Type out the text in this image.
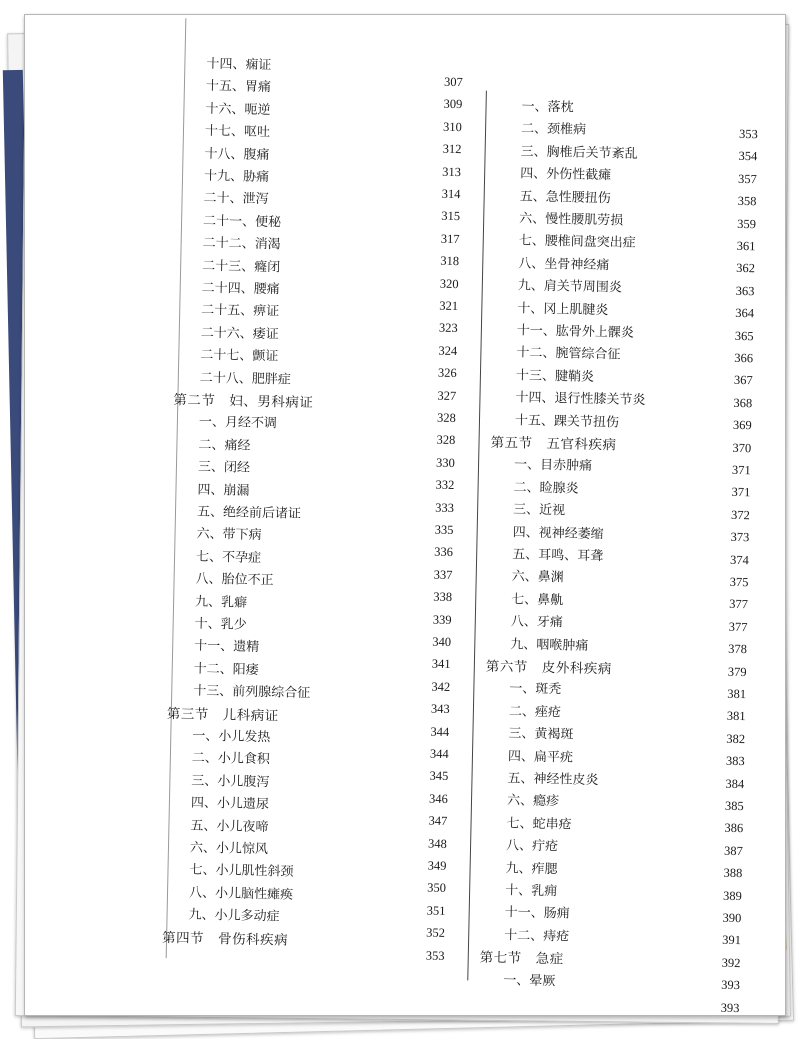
十四、痫证
307
十五、胃痛
309
十六、呃逆
310
十七、呕吐
312
十八、腹痛
313
十九、胁痛
314
二十、泄泻
315
二十一、便秘
317
二十二、消渴
318
二十三、癃闭
320
二十四、腰痛
321
二十五、痹证
323
二十六、痿证
324
二十七、颤证
326
二十八、肥胖症
327
第二节　妇、男科病证
328
一、月经不调
328
二、痛经
330
三、闭经
332
四、崩漏
333
五、绝经前后诸证
335
六、带下病
336
七、不孕症
337
八、胎位不正
338
九、乳癖
339
十、乳少
340
十一、遗精
341
十二、阳痿
342
十三、前列腺综合征
343
第三节　儿科病证
344
一、小儿发热
344
二、小儿食积
345
三、小儿腹泻
346
四、小儿遗尿
347
五、小儿夜啼
348
六、小儿惊风
349
七、小儿肌性斜颈
350
八、小儿脑性瘫痪
351
九、小儿多动症
352
第四节　骨伤科疾病
353
一、落枕
353
二、颈椎病
354
三、胸椎后关节紊乱
357
四、外伤性截瘫
358
五、急性腰扭伤
359
六、慢性腰肌劳损
361
七、腰椎间盘突出症
362
八、坐骨神经痛
363
九、肩关节周围炎
364
十、冈上肌腱炎
365
十一、肱骨外上髁炎
366
十二、腕管综合征
367
十三、腱鞘炎
368
十四、退行性膝关节炎
369
十五、踝关节扭伤
370
第五节　五官科疾病
371
一、目赤肿痛
371
二、睑腺炎
372
三、近视
373
四、视神经萎缩
374
五、耳鸣、耳聋
375
六、鼻渊
377
七、鼻鼽
377
八、牙痛
378
九、咽喉肿痛
379
第六节　皮外科疾病
381
一、斑秃
381
二、痤疮
382
三、黄褐斑
383
四、扁平疣
384
五、神经性皮炎
385
六、瘾疹
386
七、蛇串疮
387
八、疔疮
388
九、痄腮
389
十、乳痈
390
十一、肠痈
391
十二、痔疮
392
第七节　急症
393
一、晕厥
393
